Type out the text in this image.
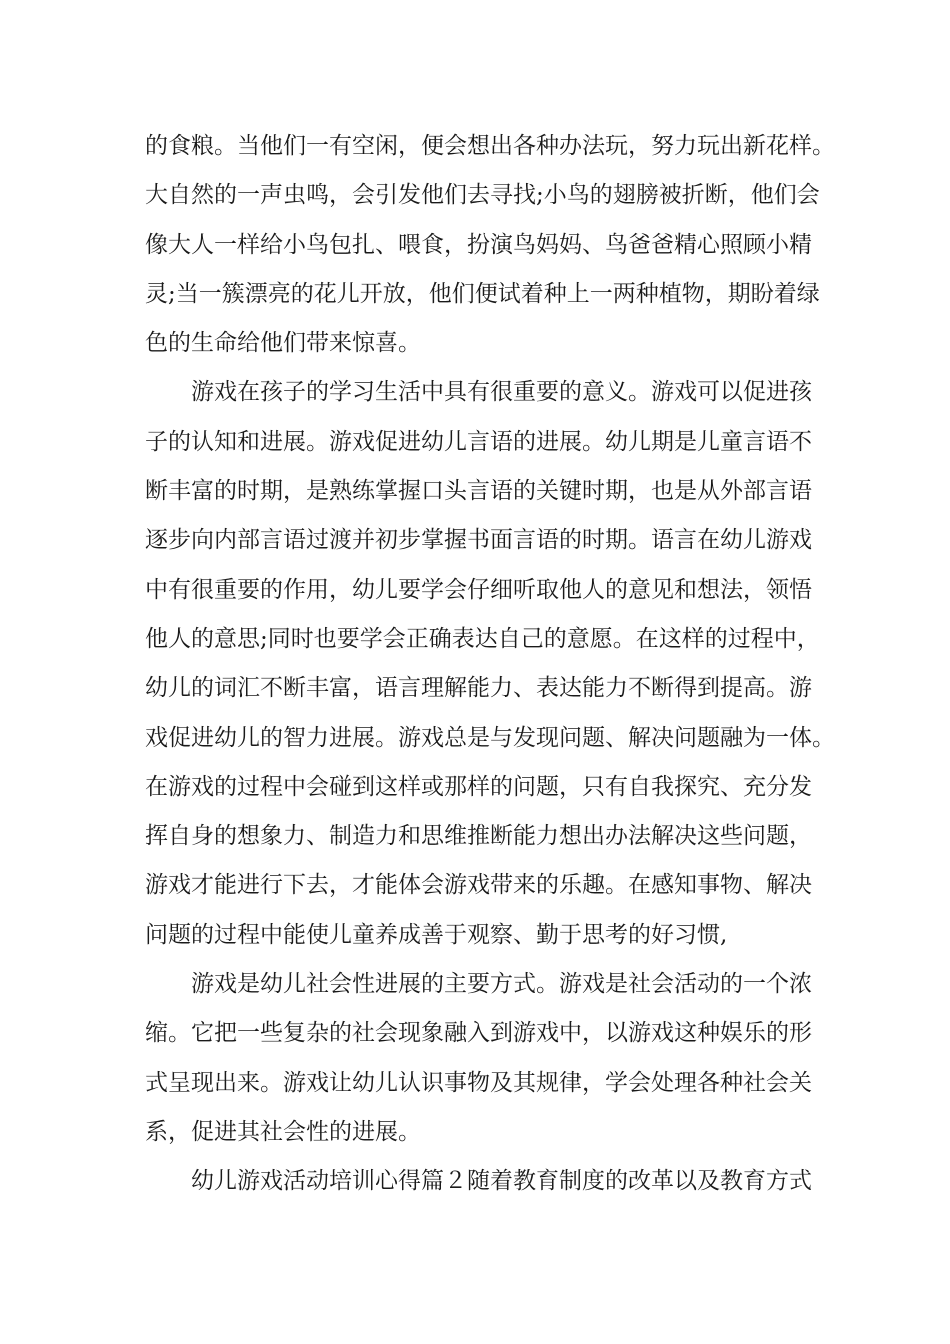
的食粮。当他们一有空闲，便会想出各种办法玩，努力玩出新花样。
大自然的一声虫鸣，会引发他们去寻找;小鸟的翅膀被折断，他们会
像大人一样给小鸟包扎、喂食，扮演鸟妈妈、鸟爸爸精心照顾小精
灵;当一簇漂亮的花儿开放，他们便试着种上一两种植物，期盼着绿
色的生命给他们带来惊喜。
游戏在孩子的学习生活中具有很重要的意义。游戏可以促进孩
子的认知和进展。游戏促进幼儿言语的进展。幼儿期是儿童言语不
断丰富的时期，是熟练掌握口头言语的关键时期，也是从外部言语
逐步向内部言语过渡并初步掌握书面言语的时期。语言在幼儿游戏
中有很重要的作用，幼儿要学会仔细听取他人的意见和想法，领悟
他人的意思;同时也要学会正确表达自己的意愿。在这样的过程中，
幼儿的词汇不断丰富，语言理解能力、表达能力不断得到提高。游
戏促进幼儿的智力进展。游戏总是与发现问题、解决问题融为一体。
在游戏的过程中会碰到这样或那样的问题，只有自我探究、充分发
挥自身的想象力、制造力和思维推断能力想出办法解决这些问题，
游戏才能进行下去，才能体会游戏带来的乐趣。在感知事物、解决
问题的过程中能使儿童养成善于观察、勤于思考的好习惯,
游戏是幼儿社会性进展的主要方式。游戏是社会活动的一个浓
缩。它把一些复杂的社会现象融入到游戏中，以游戏这种娱乐的形
式呈现出来。游戏让幼儿认识事物及其规律，学会处理各种社会关
系，促进其社会性的进展。
幼儿游戏活动培训心得篇２随着教育制度的改革以及教育方式
